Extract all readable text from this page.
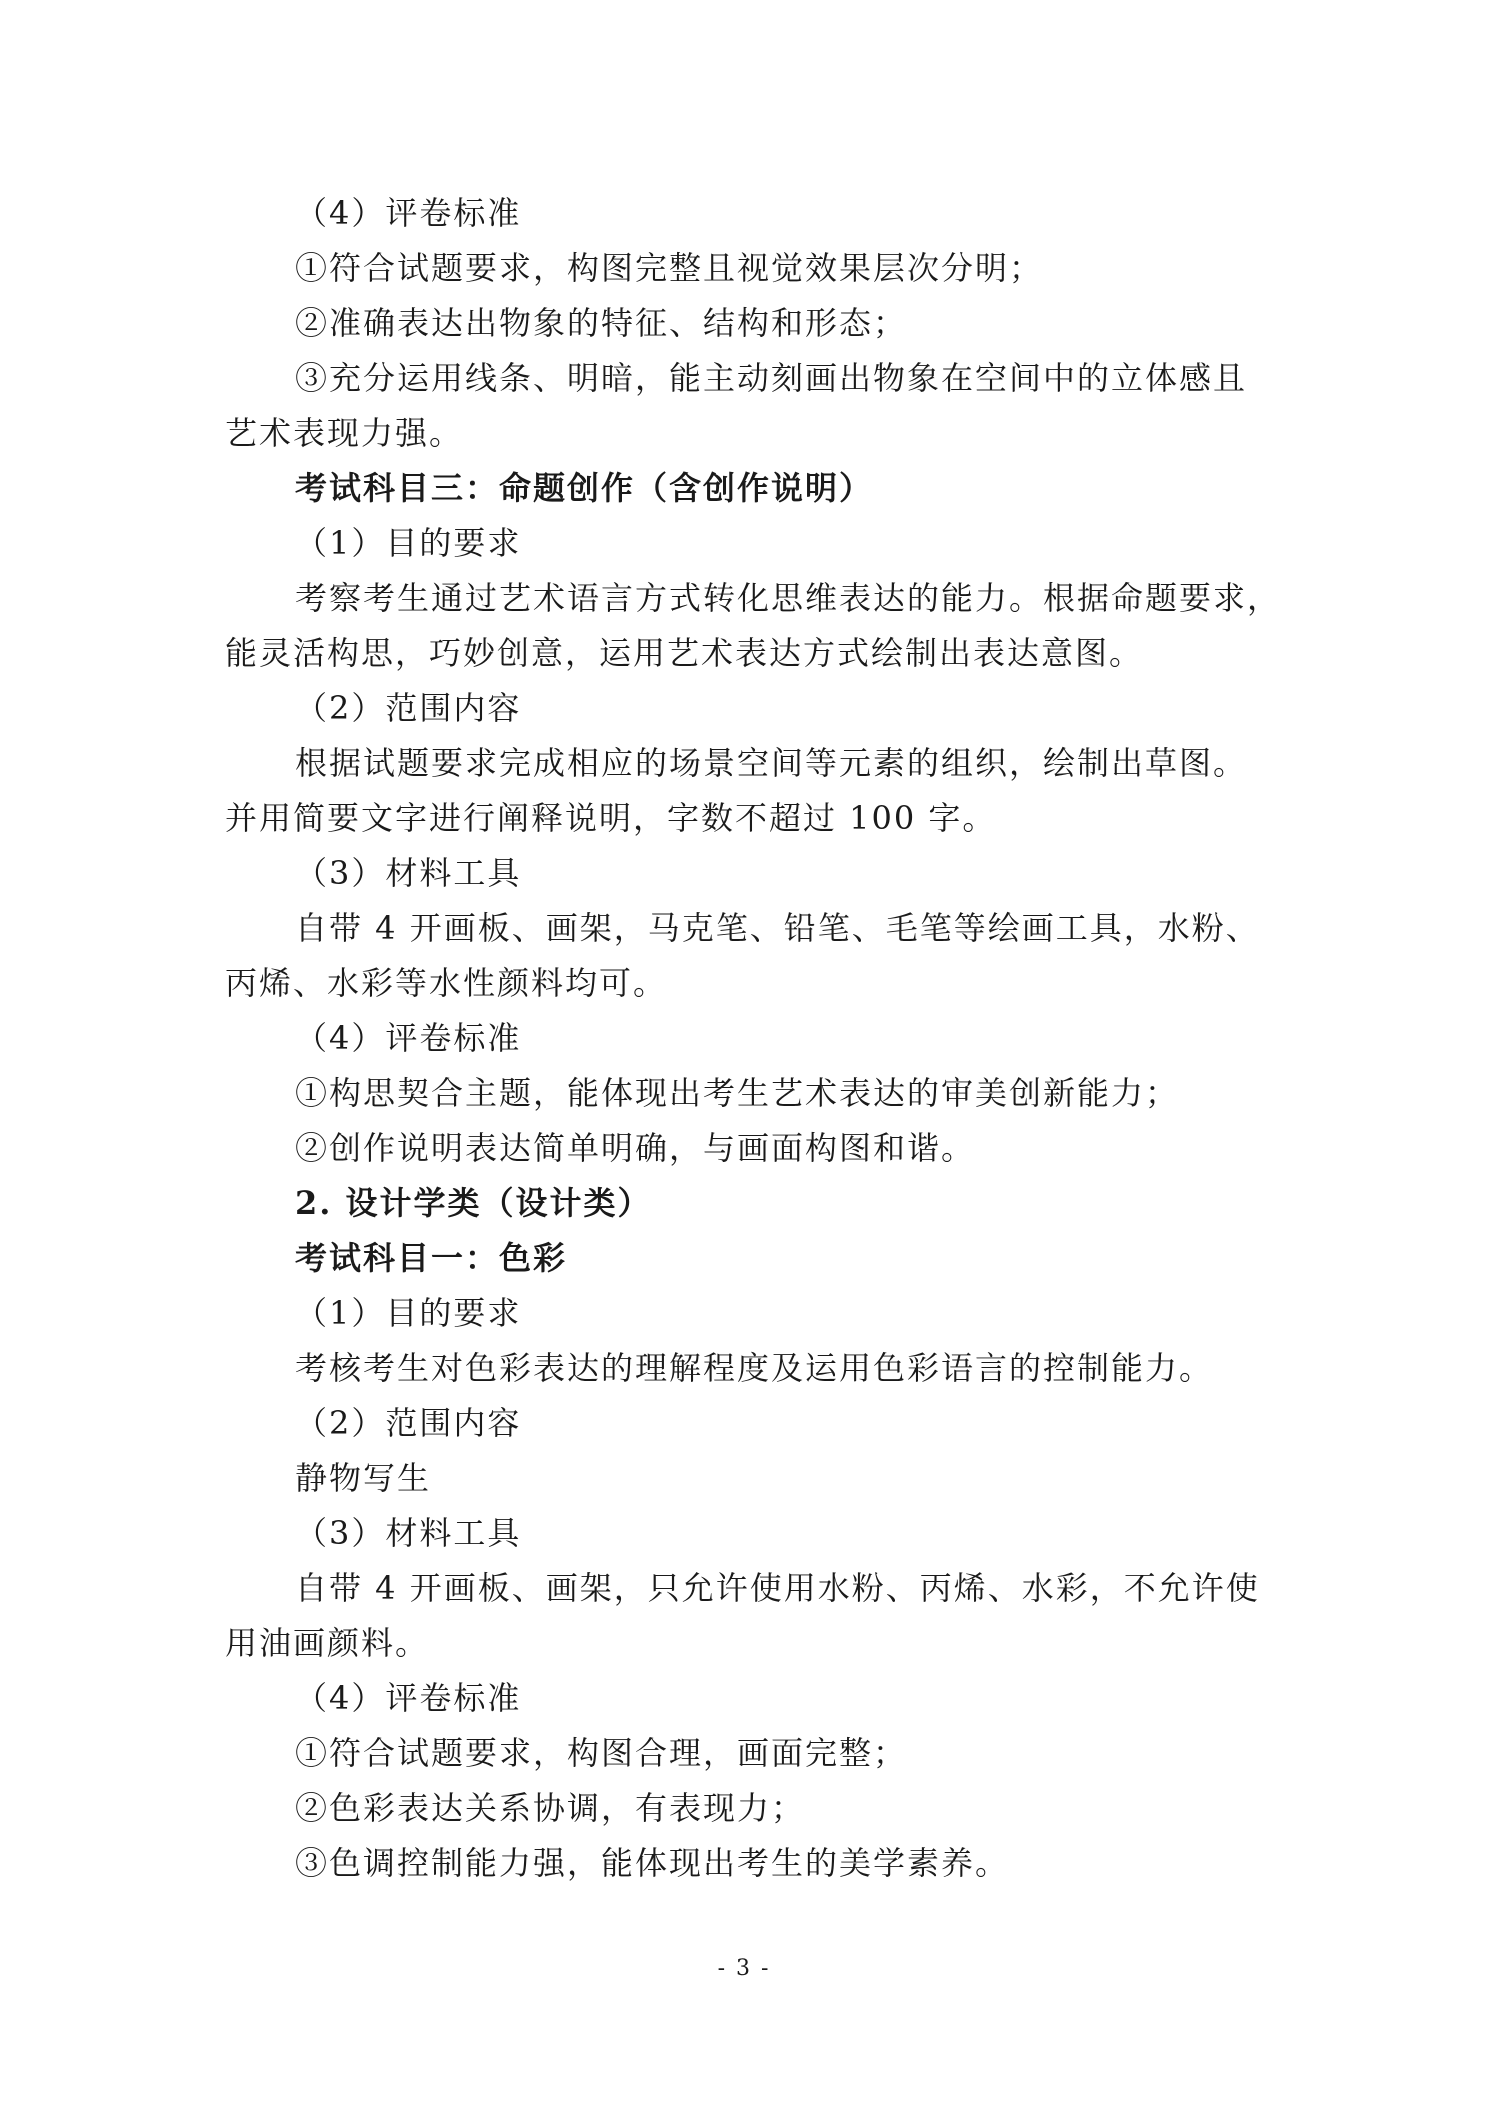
（4）评卷标准
①符合试题要求，构图完整且视觉效果层次分明；
②准确表达出物象的特征、结构和形态；
③充分运用线条、明暗，能主动刻画出物象在空间中的立体感且
艺术表现力强。
考试科目三：命题创作（含创作说明）
（1）目的要求
考察考生通过艺术语言方式转化思维表达的能力。根据命题要求，
能灵活构思，巧妙创意，运用艺术表达方式绘制出表达意图。
（2）范围内容
根据试题要求完成相应的场景空间等元素的组织，绘制出草图。
并用简要文字进行阐释说明，字数不超过 100 字。
（3）材料工具
自带 4 开画板、画架，马克笔、铅笔、毛笔等绘画工具，水粉、
丙烯、水彩等水性颜料均可。
（4）评卷标准
①构思契合主题，能体现出考生艺术表达的审美创新能力；
②创作说明表达简单明确，与画面构图和谐。
2. 设计学类（设计类）
考试科目一：色彩
（1）目的要求
考核考生对色彩表达的理解程度及运用色彩语言的控制能力。
（2）范围内容
静物写生
（3）材料工具
自带 4 开画板、画架，只允许使用水粉、丙烯、水彩，不允许使
用油画颜料。
（4）评卷标准
①符合试题要求，构图合理，画面完整；
②色彩表达关系协调，有表现力；
③色调控制能力强，能体现出考生的美学素养。
- 3 -
